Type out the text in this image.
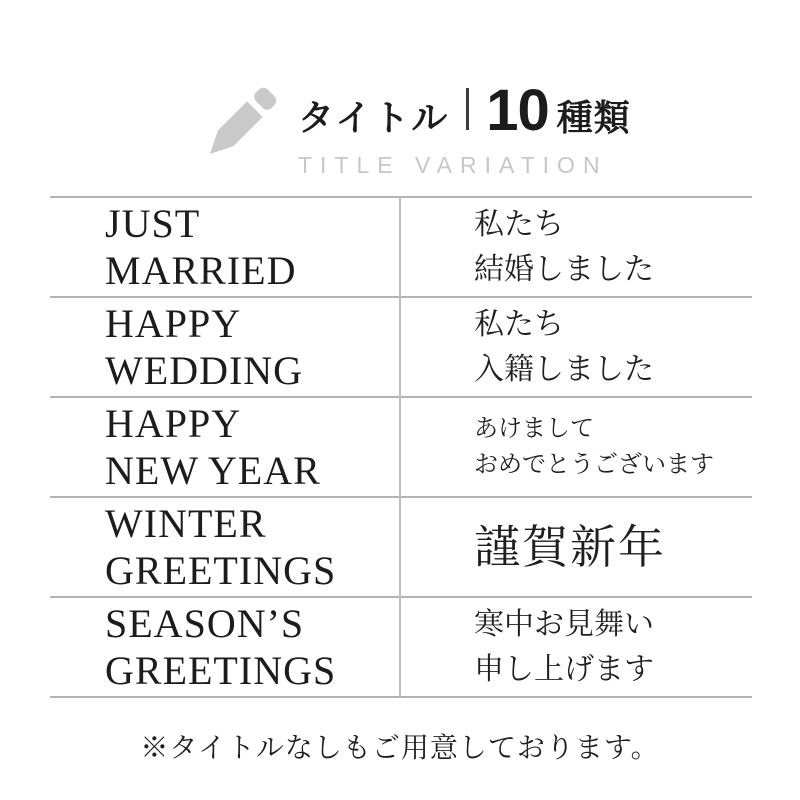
タイトル 10 種類
TITLE VARIATION
JUST
MARRIED
私たち
結婚しました
HAPPY
WEDDING
私たち
入籍しました
HAPPY
NEW YEAR
あけまして
おめでとうございます
WINTER
GREETINGS	謹賀新年
SEASON’S
GREETINGS
寒中お見舞い
申し上げます
※タイトルなしもご用意しております。
